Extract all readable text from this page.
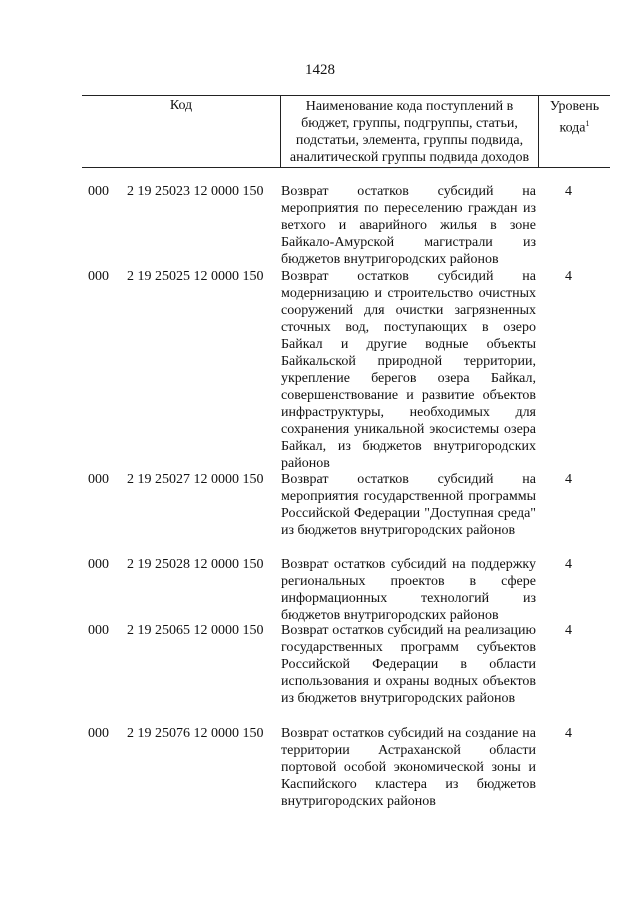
1428
Код	Наименование кода поступлений в бюджет, группы, подгруппы, статьи, подстатьи, элемента, группы подвида, аналитической группы подвида доходов
Уровень кода$^1$
000 2 19 25023 12 0000 150 Возврат остатков субсидий на мероприятия по переселению граждан из ветхого и аварийного жилья в зоне Байкало-Амурской магистрали из бюджетов внутригородских районов
4
000 2 19 25025 12 0000 150 Возврат остатков субсидий на модернизацию и строительство очистных сооружений для очистки загрязненных сточных вод, поступающих в озеро Байкал и другие водные объекты Байкальской природной территории, укрепление берегов озера Байкал, совершенствование и развитие объектов инфраструктуры, необходимых для сохранения уникальной экосистемы озера Байкал, из бюджетов внутригородских районов
4
000 2 19 25027 12 0000 150 Возврат остатков субсидий на мероприятия государственной программы Российской Федерации "Доступная среда" из бюджетов внутригородских районов
4
000 2 19 25028 12 0000 150 Возврат остатков субсидий на поддержку региональных проектов в сфере информационных технологий из бюджетов внутригородских районов
4
000 2 19 25065 12 0000 150 Возврат остатков субсидий на реализацию государственных программ субъектов Российской Федерации в области использования и охраны водных объектов из бюджетов внутригородских районов
4
000 2 19 25076 12 0000 150 Возврат остатков субсидий на создание на территории Астраханской области портовой особой экономической зоны и Каспийского кластера из бюджетов внутригородских районов
4
